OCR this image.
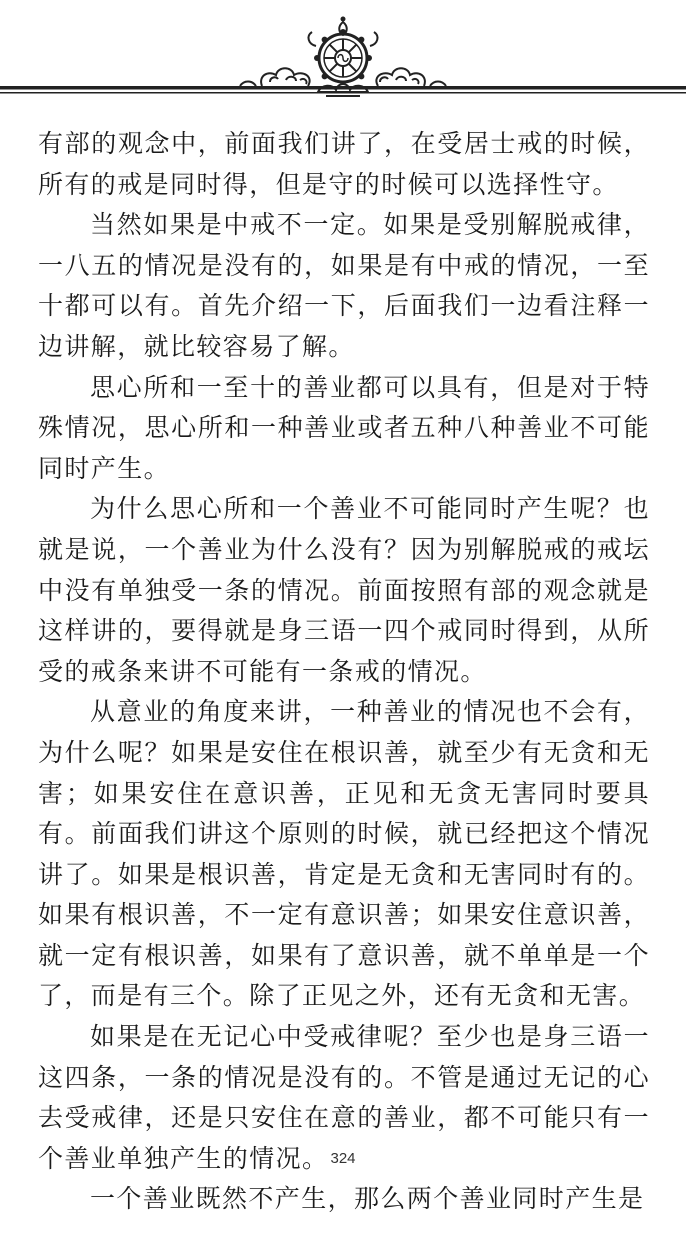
有部的观念中，前面我们讲了，在受居士戒的时候，所有的戒是同时得，但是守的时候可以选择性守。

当然如果是中戒不一定。如果是受别解脱戒律，一八五的情况是没有的，如果是有中戒的情况，一至十都可以有。首先介绍一下，后面我们一边看注释一边讲解，就比较容易了解。

思心所和一至十的善业都可以具有，但是对于特殊情况，思心所和一种善业或者五种八种善业不可能同时产生。

为什么思心所和一个善业不可能同时产生呢？也就是说，一个善业为什么没有？因为别解脱戒的戒坛中没有单独受一条的情况。前面按照有部的观念就是这样讲的，要得就是身三语一四个戒同时得到，从所受的戒条来讲不可能有一条戒的情况。

从意业的角度来讲，一种善业的情况也不会有，为什么呢？如果是安住在根识善，就至少有无贪和无害；如果安住在意识善，正见和无贪无害同时要具有。前面我们讲这个原则的时候，就已经把这个情况讲了。如果是根识善，肯定是无贪和无害同时有的。如果有根识善，不一定有意识善；如果安住意识善，就一定有根识善，如果有了意识善，就不单单是一个了，而是有三个。除了正见之外，还有无贪和无害。

如果是在无记心中受戒律呢？至少也是身三语一这四条，一条的情况是没有的。不管是通过无记的心去受戒律，还是只安住在意的善业，都不可能只有一个善业单独产生的情况。

一个善业既然不产生，那么两个善业同时产生是

324
